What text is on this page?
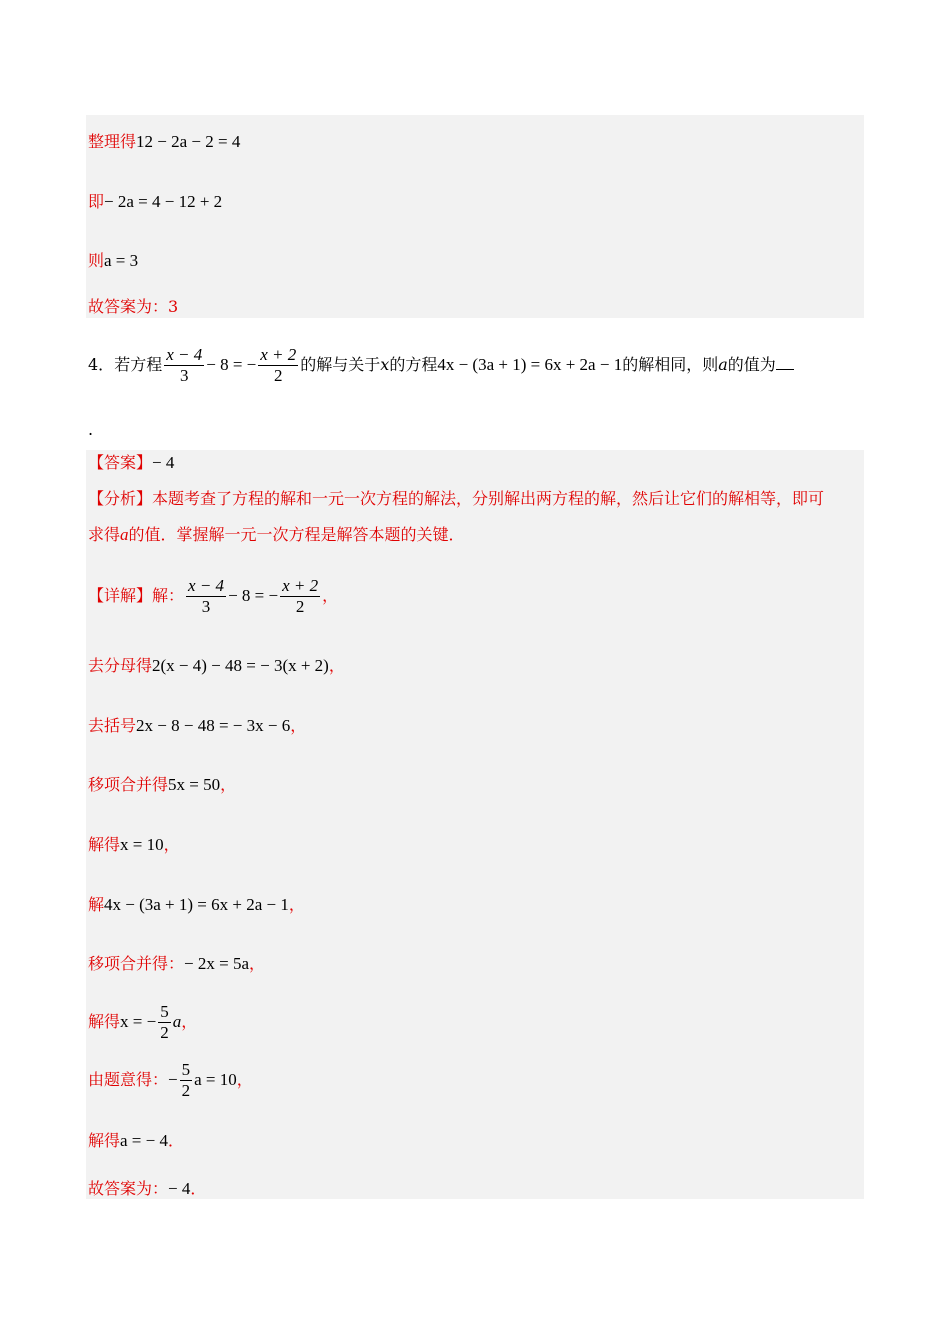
整理得12 − 2a − 2 = 4
即− 2a = 4 − 12 + 2
则a = 3
故答案为：3
4．若方程 $\frac{x - 4}{3} - 8$ = − $\frac{x + 2}{2}$ 的解与关于x的方程4x − (3a + 1) = 6x + 2a − 1的解相同，则a的值为
.
【答案】− 4
【分析】本题考查了方程的解和一元一次方程的解法，分别解出两方程的解，然后让它们的解相等，即可
求得a的值．掌握解一元一次方程是解答本题的关键．
【详解】解： $\frac{x - 4}{3} - 8$ = − $\frac{x + 2}{2}$ ，
去分母得2(x − 4) − 48 = − 3(x + 2)，
去括号2x − 8 − 48 = − 3x − 6，
移项合并得5x = 50，
解得x = 10，
解4x − (3a + 1) = 6x + 2a − 1，
移项合并得：− 2x = 5a，
解得x = − $\frac{5}{2}$ a，
由题意得：− $\frac{5}{2}$ a = 10，
解得a = − 4．
故答案为：− 4．
